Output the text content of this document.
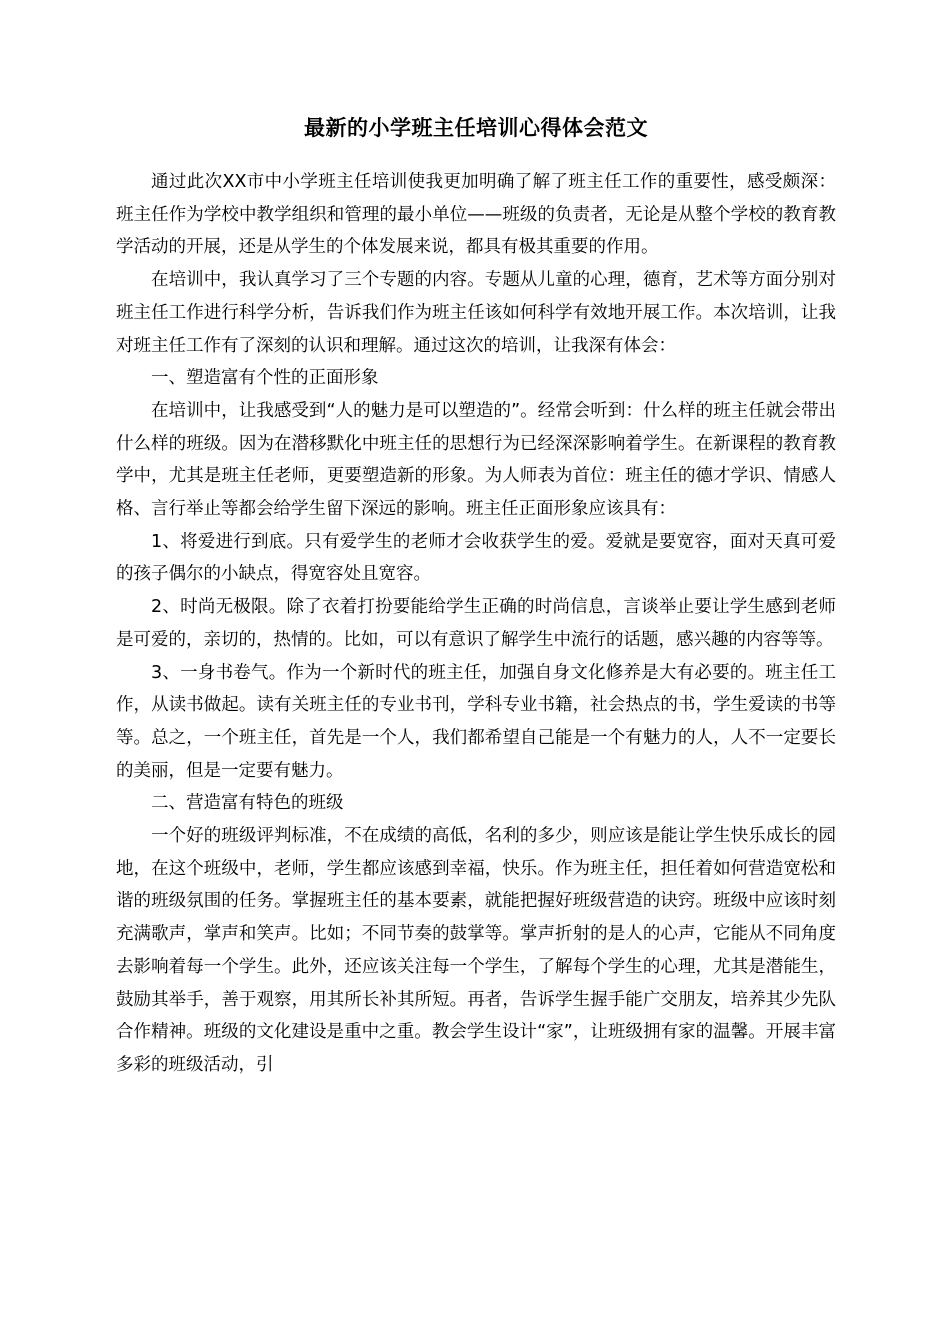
最新的小学班主任培训心得体会范文

通过此次XX市中小学班主任培训使我更加明确了解了班主任工作的重要性，感受颇深：班主任作为学校中教学组织和管理的最小单位——班级的负责者，无论是从整个学校的教育教学活动的开展，还是从学生的个体发展来说，都具有极其重要的作用。

在培训中，我认真学习了三个专题的内容。专题从儿童的心理，德育，艺术等方面分别对班主任工作进行科学分析，告诉我们作为班主任该如何科学有效地开展工作。本次培训，让我对班主任工作有了深刻的认识和理解。通过这次的培训，让我深有体会：

一、塑造富有个性的正面形象

在培训中，让我感受到“人的魅力是可以塑造的”。经常会听到：什么样的班主任就会带出什么样的班级。因为在潜移默化中班主任的思想行为已经深深影响着学生。在新课程的教育教学中，尤其是班主任老师，更要塑造新的形象。为人师表为首位：班主任的德才学识、情感人格、言行举止等都会给学生留下深远的影响。班主任正面形象应该具有：

1、将爱进行到底。只有爱学生的老师才会收获学生的爱。爱就是要宽容，面对天真可爱的孩子偶尔的小缺点，得宽容处且宽容。

2、时尚无极限。除了衣着打扮要能给学生正确的时尚信息，言谈举止要让学生感到老师是可爱的，亲切的，热情的。比如，可以有意识了解学生中流行的话题，感兴趣的内容等等。

3、一身书卷气。作为一个新时代的班主任，加强自身文化修养是大有必要的。班主任工作，从读书做起。读有关班主任的专业书刊，学科专业书籍，社会热点的书，学生爱读的书等等。总之，一个班主任，首先是一个人，我们都希望自己能是一个有魅力的人，人不一定要长的美丽，但是一定要有魅力。

二、营造富有特色的班级

一个好的班级评判标准，不在成绩的高低，名利的多少，则应该是能让学生快乐成长的园地，在这个班级中，老师，学生都应该感到幸福，快乐。作为班主任，担任着如何营造宽松和谐的班级氛围的任务。掌握班主任的基本要素，就能把握好班级营造的诀窍。班级中应该时刻充满歌声，掌声和笑声。比如；不同节奏的鼓掌等。掌声折射的是人的心声，它能从不同角度去影响着每一个学生。此外，还应该关注每一个学生，了解每个学生的心理，尤其是潜能生，鼓励其举手，善于观察，用其所长补其所短。再者，告诉学生握手能广交朋友，培养其少先队合作精神。班级的文化建设是重中之重。教会学生设计“家”，让班级拥有家的温馨。开展丰富多彩的班级活动，引
